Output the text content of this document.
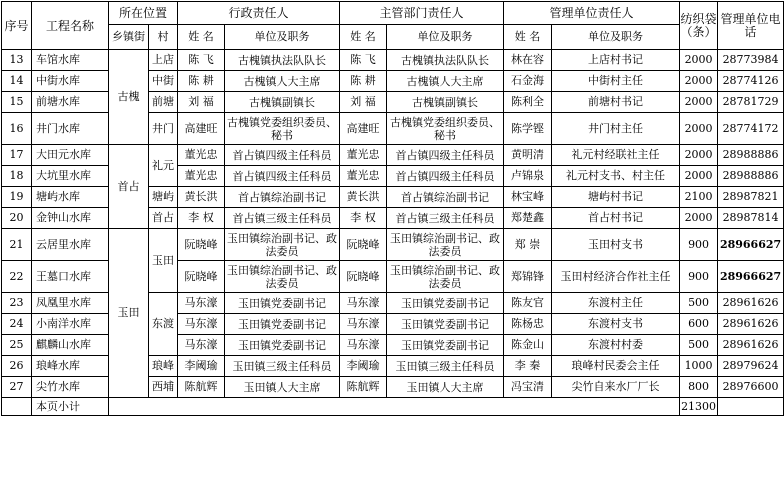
序号	工程名称	所在位置		行政责任人		主管部门责任人		管理单位责任人		纺织袋（条）	管理单位电 话
		乡镇街	村	姓 名	单位及职务	姓 名	单位及职务	姓 名	单位及职务		
13	车馆水库	古槐	上店	陈 飞	古槐镇执法队队长	陈 飞	古槐镇执法队队长	林在容	上店村书记	2000	28773984
14	中街水库		中街	陈 耕	古槐镇人大主席	陈 耕	古槐镇人大主席	石金海	中街村主任	2000	28774126
15	前塘水库		前塘	刘 福	古槐镇副镇长	刘 福	古槐镇副镇长	陈利全	前塘村书记	2000	28781729
16	井门水库		井门	高建旺	古槐镇党委组织委员、秘书	高建旺	古槐镇党委组织委员、秘书	陈学铿	井门村主任	2000	28774172
17	大田元水库	首占	礼元	董光忠	首占镇四级主任科员	董光忠	首占镇四级主任科员	黄明清	礼元村经联社主任	2000	28988886
18	大坑里水库			董光忠	首占镇四级主任科员	董光忠	首占镇四级主任科员	卢锦泉	礼元村支书、村主任	2000	28988886
19	塘屿水库		塘屿	黄长洪	首占镇综治副书记	黄长洪	首占镇综治副书记	林宝峰	塘屿村书记	2100	28987821
20	金钟山水库		首占	李 权	首占镇三级主任科员	李 权	首占镇三级主任科员	郑楚鑫	首占村书记	2000	28987814
21	云居里水库	玉田	玉田	阮晓峰	玉田镇综治副书记、政法委员	阮晓峰	玉田镇综治副书记、政法委员	郑 崇	玉田村支书	900	28966627
22	王墓口水库			阮晓峰	玉田镇综治副书记、政法委员	阮晓峰	玉田镇综治副书记、政法委员	郑锦锋	玉田村经济合作社主任	900	28966627
23	凤凰里水库		东渡	马东濠	玉田镇党委副书记	马东濠	玉田镇党委副书记	陈友官	东渡村主任	500	28961626
24	小南洋水库			马东濠	玉田镇党委副书记	马东濠	玉田镇党委副书记	陈杨忠	东渡村支书	600	28961626
25	麒麟山水库			马东濠	玉田镇党委副书记	马东濠	玉田镇党委副书记	陈金山	东渡村村委	500	28961626
26	琅峰水库		琅峰	李阈瑜	玉田镇三级主任科员	李阈瑜	玉田镇三级主任科员	李 秦	琅峰村民委会主任	1000	28979624
27	尖竹水库		西埔	陈航辉	玉田镇人大主席	陈航辉	玉田镇人大主席	冯宝清	尖竹自来水厂厂长	800	28976600
	本页小计									21300	
